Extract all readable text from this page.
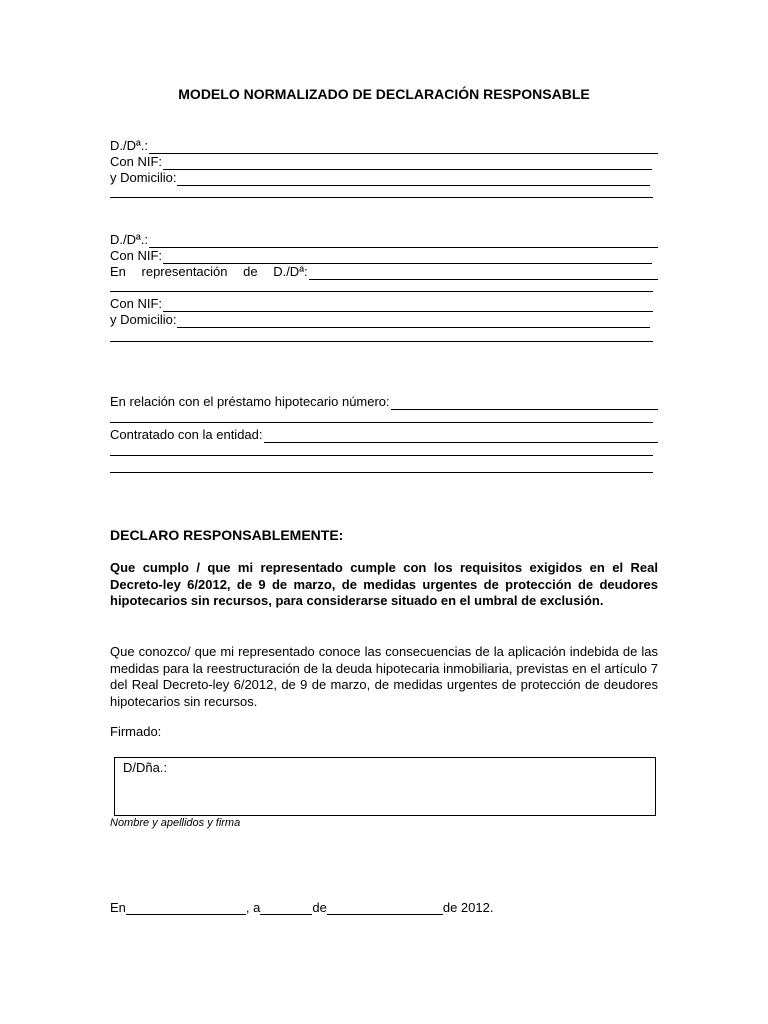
MODELO NORMALIZADO DE DECLARACIÓN RESPONSABLE
D./Dª.:
Con NIF:
y Domicilio:
D./Dª.:
Con NIF:
En representación de D./Dª:
Con NIF:
y Domicilio:
En relación con el préstamo hipotecario número:
Contratado con la entidad:
DECLARO RESPONSABLEMENTE:
Que cumplo / que mi representado cumple con los requisitos exigidos en el Real Decreto-ley 6/2012, de 9 de marzo, de medidas urgentes de protección de deudores hipotecarios sin recursos, para considerarse situado en el umbral de exclusión.
Que conozco/ que mi representado conoce las consecuencias de la aplicación indebida de las medidas para la reestructuración de la deuda hipotecaria inmobiliaria, previstas en el artículo 7 del Real Decreto-ley 6/2012, de 9 de marzo, de medidas urgentes de protección de deudores hipotecarios sin recursos.
Firmado:
D/Dña.:
Nombre y apellidos y firma
En	, a	de	de 2012.
